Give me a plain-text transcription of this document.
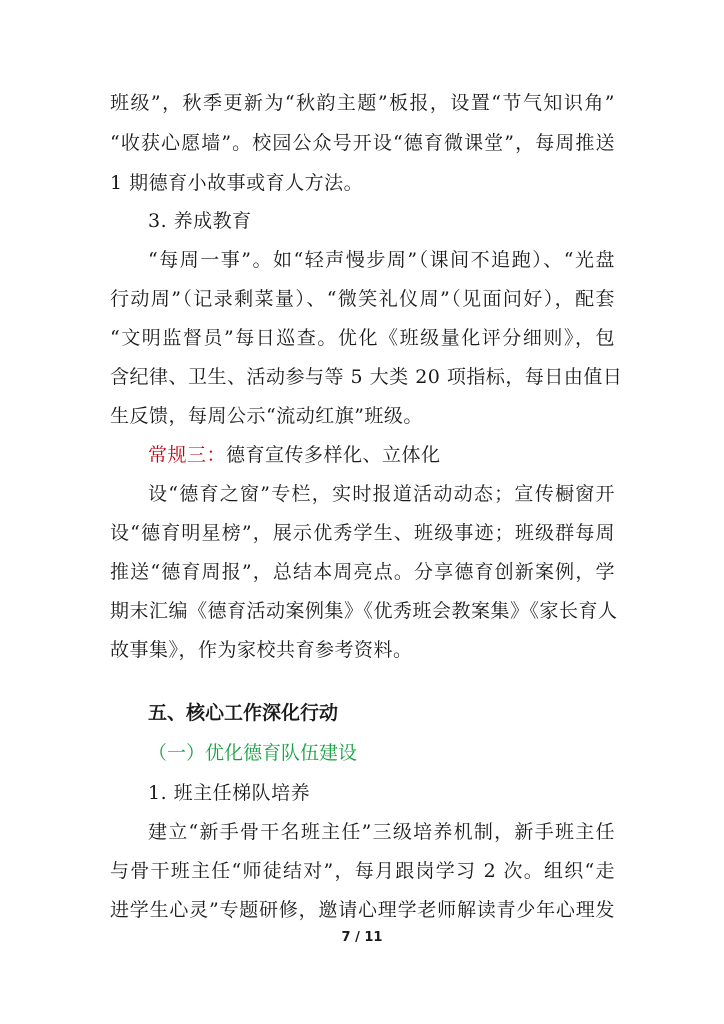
班级”，秋季更新为“秋韵主题”板报，设置“节气知识角”
“收获心愿墙”。校园公众号开设“德育微课堂”，每周推送
1 期德育小故事或育人方法。
3. 养成教育
“每周一事”。如“轻声慢步周”（课间不追跑）、“光盘
行动周”（记录剩菜量）、“微笑礼仪周”（见面问好），配套
“文明监督员”每日巡查。优化《班级量化评分细则》，包
含纪律、卫生、活动参与等 5 大类 20 项指标，每日由值日
生反馈，每周公示“流动红旗”班级。
常规三：德育宣传多样化、立体化
设“德育之窗”专栏，实时报道活动动态；宣传橱窗开
设“德育明星榜”，展示优秀学生、班级事迹；班级群每周
推送“德育周报”，总结本周亮点。分享德育创新案例，学
期末汇编《德育活动案例集》《优秀班会教案集》《家长育人
故事集》，作为家校共育参考资料。
五、核心工作深化行动
（一）优化德育队伍建设
1. 班主任梯队培养
建立“新手骨干名班主任”三级培养机制，新手班主任
与骨干班主任“师徒结对”，每月跟岗学习 2 次。组织“走
进学生心灵”专题研修，邀请心理学老师解读青少年心理发
7 / 11
